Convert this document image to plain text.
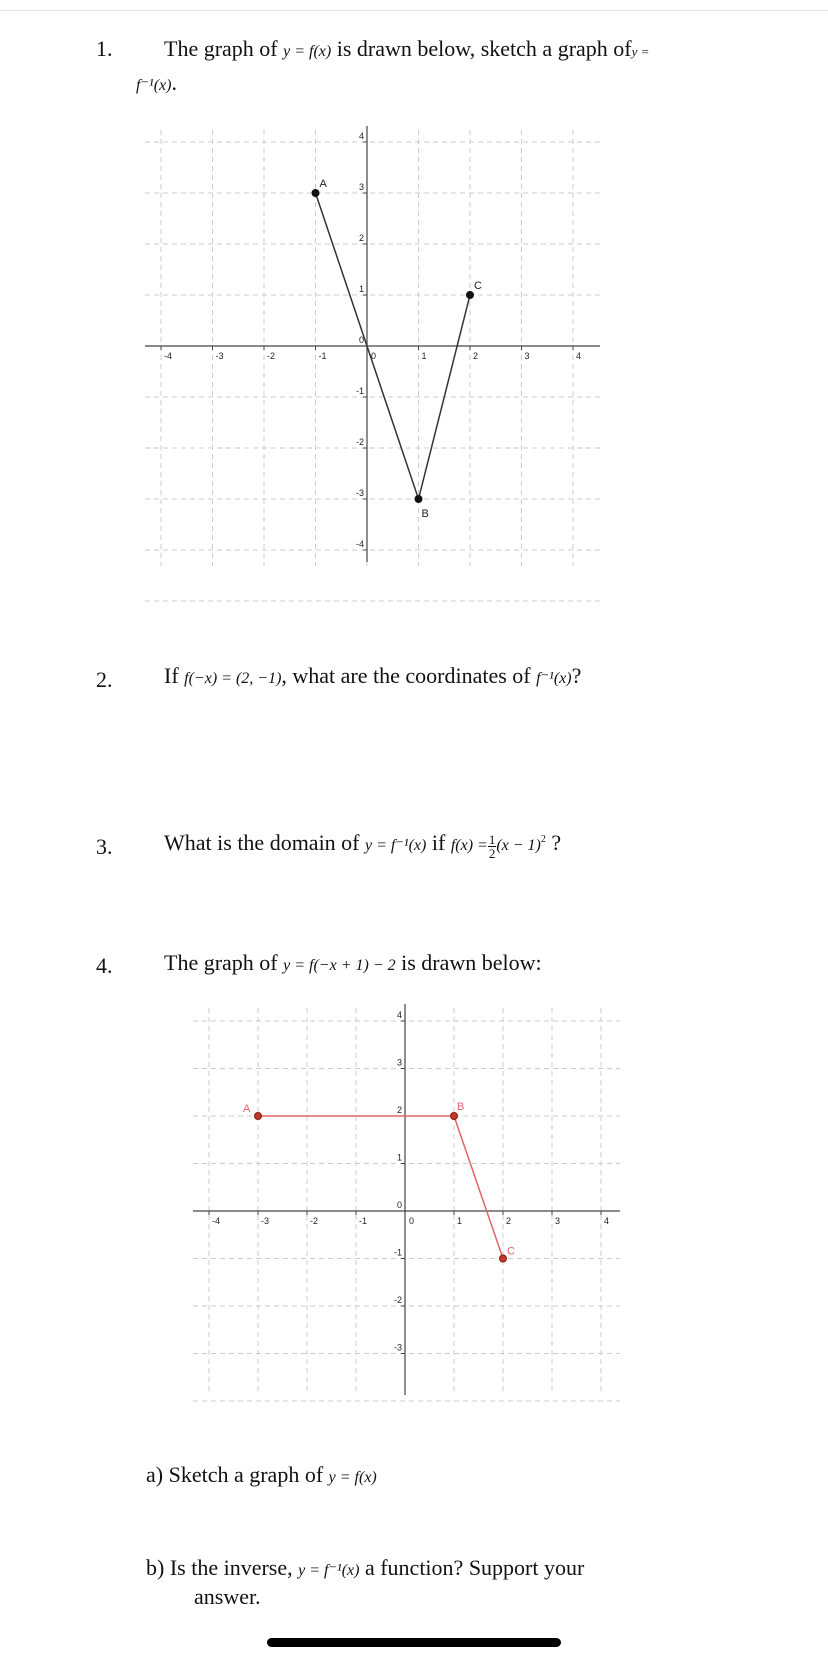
1. The graph of y = f(x) is drawn below, sketch a graph ofy =
f⁻¹(x).
-4	-3	-2	-1	0	1	2	3	4
4
3
2
1
0
-1
-2
-3
-4
A
B
C
2. If f(−x) = (2, −1), what are the coordinates of f⁻¹(x)?
3. What is the domain of y = f⁻¹(x) if $f(x) = \frac{1}{2} (x - 1)^2$ ?
4. The graph of y = f(−x + 1) − 2 is drawn below:
-4	-3	-2	-1	0	1	2	3	4
4
3
2
1
0
-1
-2
-3
A	B
C
a) Sketch a graph of y = f(x)
b) Is the inverse, y = f⁻¹(x) a function? Support your
answer.
